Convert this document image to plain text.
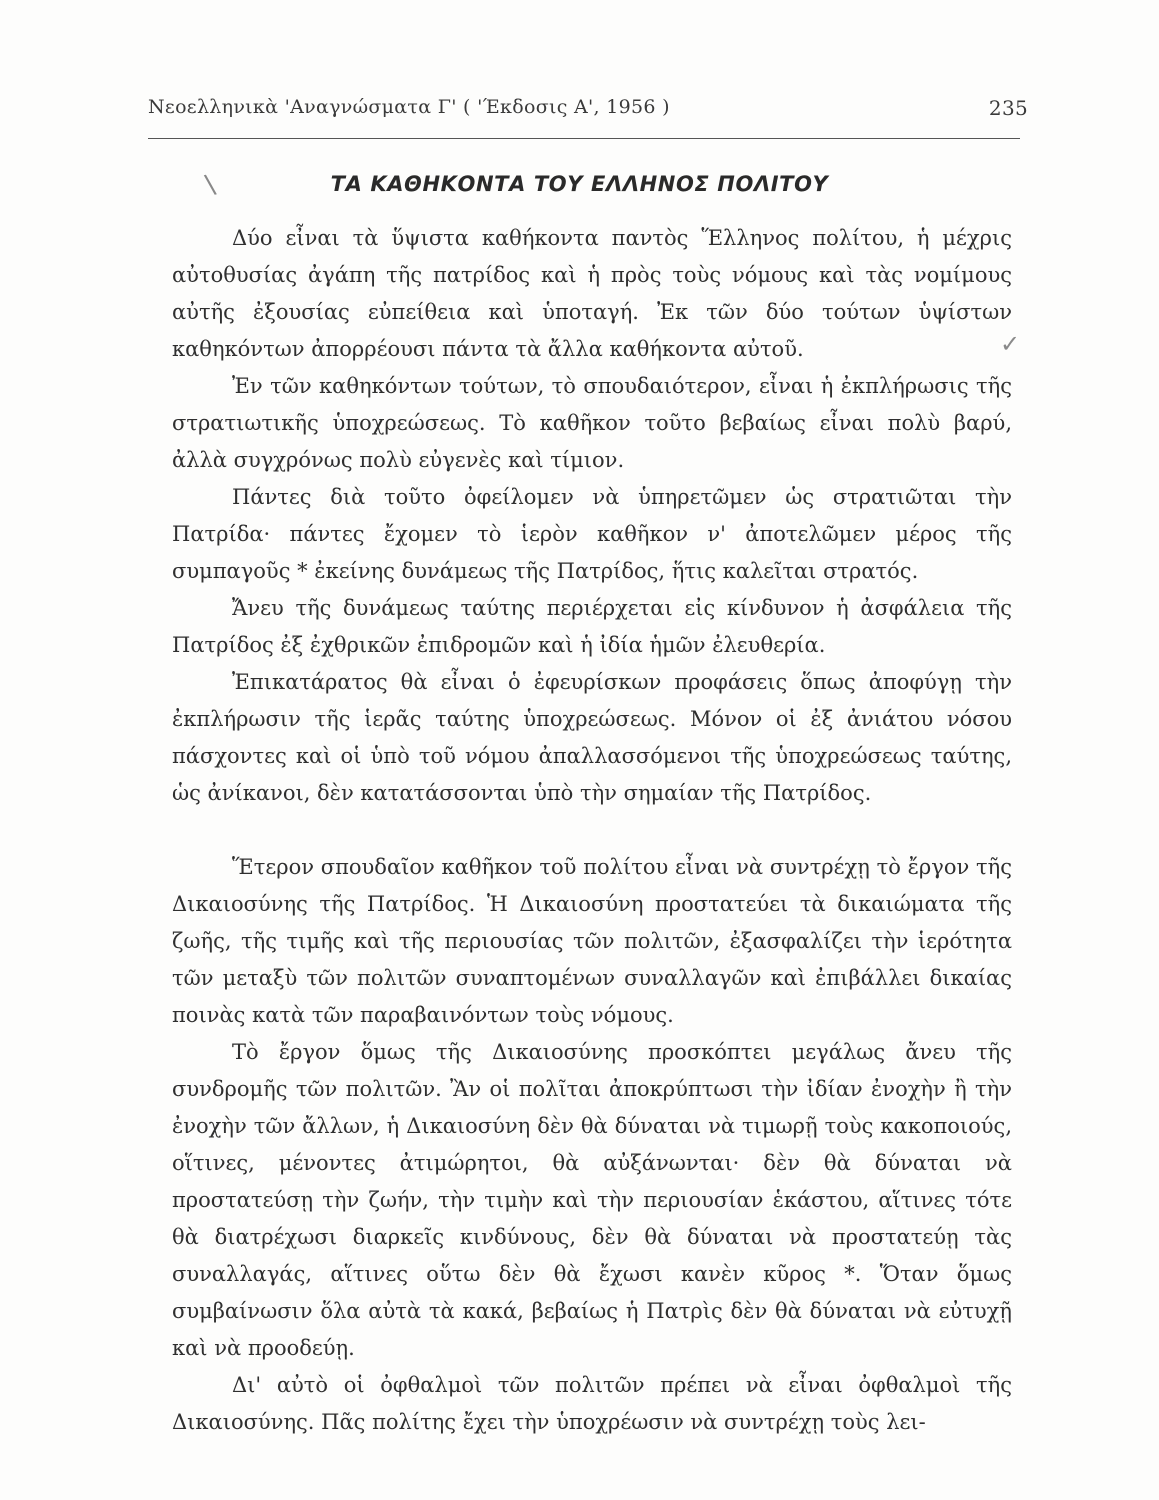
Νεοελληνικὰ 'Αναγνώσματα Γ' ( 'Έκδοσις Α', 1956 )	235
\
✓
ΤΑ ΚΑΘΗΚΟΝΤΑ ΤΟΥ ΕΛΛΗΝΟΣ ΠΟΛΙΤΟΥ

Δύο εἶναι τὰ ὕψιστα καθήκοντα παντὸς Ἕλληνος πολίτου, ἡ μέχρις αὐτοθυσίας ἀγάπη τῆς πατρίδος καὶ ἡ πρὸς τοὺς νόμους καὶ τὰς νομίμους αὐτῆς ἐξουσίας εὐπείθεια καὶ ὑποταγή. Ἐκ τῶν δύο τούτων ὑψίστων καθηκόντων ἀπορρέουσι πάντα τὰ ἄλλα καθήκοντα αὐτοῦ.

Ἐν τῶν καθηκόντων τούτων, τὸ σπουδαιότερον, εἶναι ἡ ἐκπλήρωσις τῆς στρατιωτικῆς ὑποχρεώσεως. Τὸ καθῆκον τοῦτο βεβαίως εἶναι πολὺ βαρύ, ἀλλὰ συγχρόνως πολὺ εὐγενὲς καὶ τίμιον.

Πάντες διὰ τοῦτο ὀφείλομεν νὰ ὑπηρετῶμεν ὡς στρατιῶται τὴν Πατρίδα· πάντες ἔχομεν τὸ ἱερὸν καθῆκον ν' ἀποτελῶμεν μέρος τῆς συμπαγοῦς * ἐκείνης δυνάμεως τῆς Πατρίδος, ἥτις καλεῖται στρατός.

Ἄνευ τῆς δυνάμεως ταύτης περιέρχεται εἰς κίνδυνον ἡ ἀσφάλεια τῆς Πατρίδος ἐξ ἐχθρικῶν ἐπιδρομῶν καὶ ἡ ἰδία ἡμῶν ἐλευθερία.

Ἐπικατάρατος θὰ εἶναι ὁ ἐφευρίσκων προφάσεις ὅπως ἀποφύγῃ τὴν ἐκπλήρωσιν τῆς ἱερᾶς ταύτης ὑποχρεώσεως. Μόνον οἱ ἐξ ἀνιάτου νόσου πάσχοντες καὶ οἱ ὑπὸ τοῦ νόμου ἀπαλλασσόμενοι τῆς ὑποχρεώσεως ταύτης, ὡς ἀνίκανοι, δὲν κατατάσσονται ὑπὸ τὴν σημαίαν τῆς Πατρίδος.

Ἕτερον σπουδαῖον καθῆκον τοῦ πολίτου εἶναι νὰ συντρέχῃ τὸ ἔργον τῆς Δικαιοσύνης τῆς Πατρίδος. Ἡ Δικαιοσύνη προστατεύει τὰ δικαιώματα τῆς ζωῆς, τῆς τιμῆς καὶ τῆς περιουσίας τῶν πολιτῶν, ἐξασφαλίζει τὴν ἱερότητα τῶν μεταξὺ τῶν πολιτῶν συναπτομένων συναλλαγῶν καὶ ἐπιβάλλει δικαίας ποινὰς κατὰ τῶν παραβαινόντων τοὺς νόμους.

Τὸ ἔργον ὅμως τῆς Δικαιοσύνης προσκόπτει μεγάλως ἄνευ τῆς συνδρομῆς τῶν πολιτῶν. Ἂν οἱ πολῖται ἀποκρύπτωσι τὴν ἰδίαν ἐνοχὴν ἢ τὴν ἐνοχὴν τῶν ἄλλων, ἡ Δικαιοσύνη δὲν θὰ δύναται νὰ τιμωρῇ τοὺς κακοποιούς, οἵτινες, μένοντες ἀτιμώρητοι, θὰ αὐξάνωνται· δὲν θὰ δύναται νὰ προστατεύσῃ τὴν ζωήν, τὴν τιμὴν καὶ τὴν περιουσίαν ἑκάστου, αἵτινες τότε θὰ διατρέχωσι διαρκεῖς κινδύνους, δὲν θὰ δύναται νὰ προστατεύῃ τὰς συναλλαγάς, αἵτινες οὕτω δὲν θὰ ἔχωσι κανὲν κῦρος *. Ὅταν ὅμως συμβαίνωσιν ὅλα αὐτὰ τὰ κακά, βεβαίως ἡ Πατρὶς δὲν θὰ δύναται νὰ εὐτυχῇ καὶ νὰ προοδεύῃ.

Δι' αὐτὸ οἱ ὀφθαλμοὶ τῶν πολιτῶν πρέπει νὰ εἶναι ὀφθαλμοὶ τῆς Δικαιοσύνης. Πᾶς πολίτης ἔχει τὴν ὑποχρέωσιν νὰ συντρέχῃ τοὺς λει-
